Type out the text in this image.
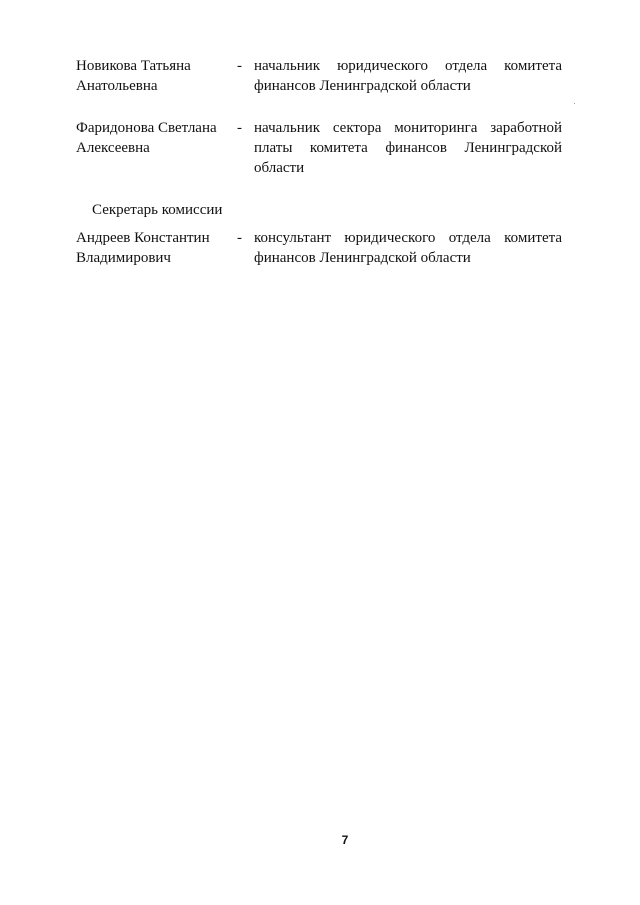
Новикова Татьяна
Анатольевна
- начальник юридического отдела комитета
финансов Ленинградской области
Фаридонова Светлана
Алексеевна
- начальник сектора мониторинга заработной
платы комитета финансов Ленинградской
области
Секретарь комиссии
Андреев Константин
Владимирович
- консультант юридического отдела комитета
финансов Ленинградской области
7
